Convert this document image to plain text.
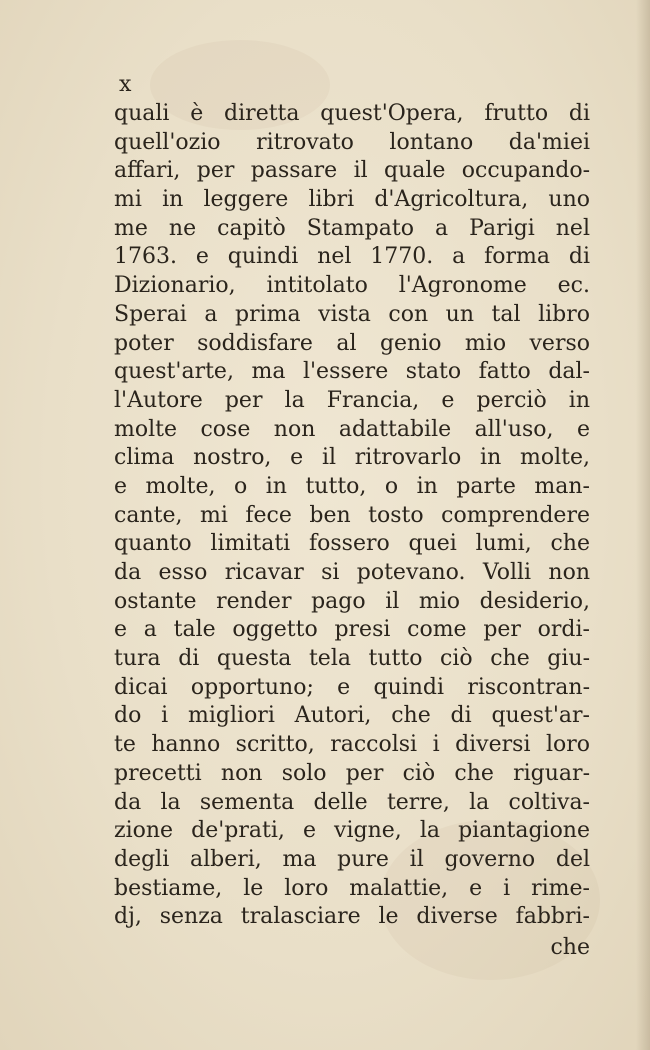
x
quali è diretta quest'Opera, frutto di
quell'ozio ritrovato lontano da'miei
affari, per passare il quale occupando-
mi in leggere libri d'Agricoltura, uno
me ne capitò Stampato a Parigi nel
1763. e quindi nel 1770. a forma di
Dizionario, intitolato l'Agronome ec.
Sperai a prima vista con un tal libro
poter soddisfare al genio mio verso
quest'arte, ma l'essere stato fatto dal-
l'Autore per la Francia, e perciò in
molte cose non adattabile all'uso, e
clima nostro, e il ritrovarlo in molte,
e molte, o in tutto, o in parte man-
cante, mi fece ben tosto comprendere
quanto limitati fossero quei lumi, che
da esso ricavar si potevano. Volli non
ostante render pago il mio desiderio,
e a tale oggetto presi come per ordi-
tura di questa tela tutto ciò che giu-
dicai opportuno; e quindi riscontran-
do i migliori Autori, che di quest'ar-
te hanno scritto, raccolsi i diversi loro
precetti non solo per ciò che riguar-
da la sementa delle terre, la coltiva-
zione de'prati, e vigne, la piantagione
degli alberi, ma pure il governo del
bestiame, le loro malattie, e i rime-
dj, senza tralasciare le diverse fabbri-
che
